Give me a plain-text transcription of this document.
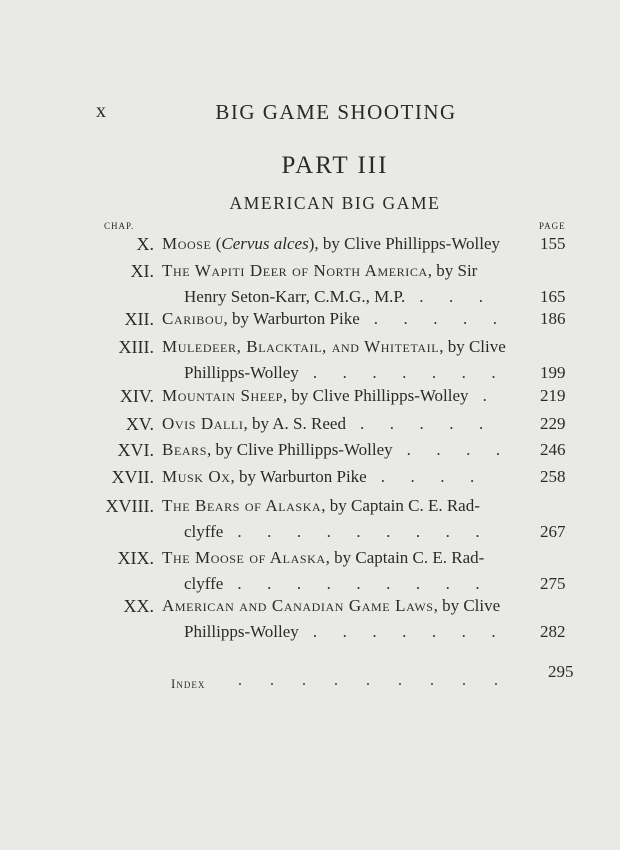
x	BIG GAME SHOOTING
PART III
AMERICAN BIG GAME
CHAP.	PAGE
X. Moose (Cervus alces), by Clive Phillipps-Wolley 155
XI. The Wapiti Deer of North America, by Sir
Henry Seton-Karr, C.M.G., M.P.	165
.      .      .
XII. Caribou, by Warburton Pike	186
.      .      .      .      .
XIII. Muledeer, Blacktail, and Whitetail, by Clive
Phillipps-Wolley	199
.      .      .      .      .      .      .
XIV. Mountain Sheep, by Clive Phillipps-Wolley	219
.
XV. Ovis Dalli, by A. S. Reed	229
.      .      .      .      .
XVI. Bears, by Clive Phillipps-Wolley	246
.      .      .      .
XVII. Musk Ox, by Warburton Pike	258
.      .      .      .
XVIII. The Bears of Alaska, by Captain C. E. Rad-
clyffe	267
.      .      .      .      .      .      .      .      .
XIX. The Moose of Alaska, by Captain C. E. Rad-
clyffe	275
.      .      .      .      .      .      .      .      .
XX. American and Canadian Game Laws, by Clive
Phillipps-Wolley	282
.      .      .      .      .      .      .
Index .       .       .       .       .       .       .       .       .	295
